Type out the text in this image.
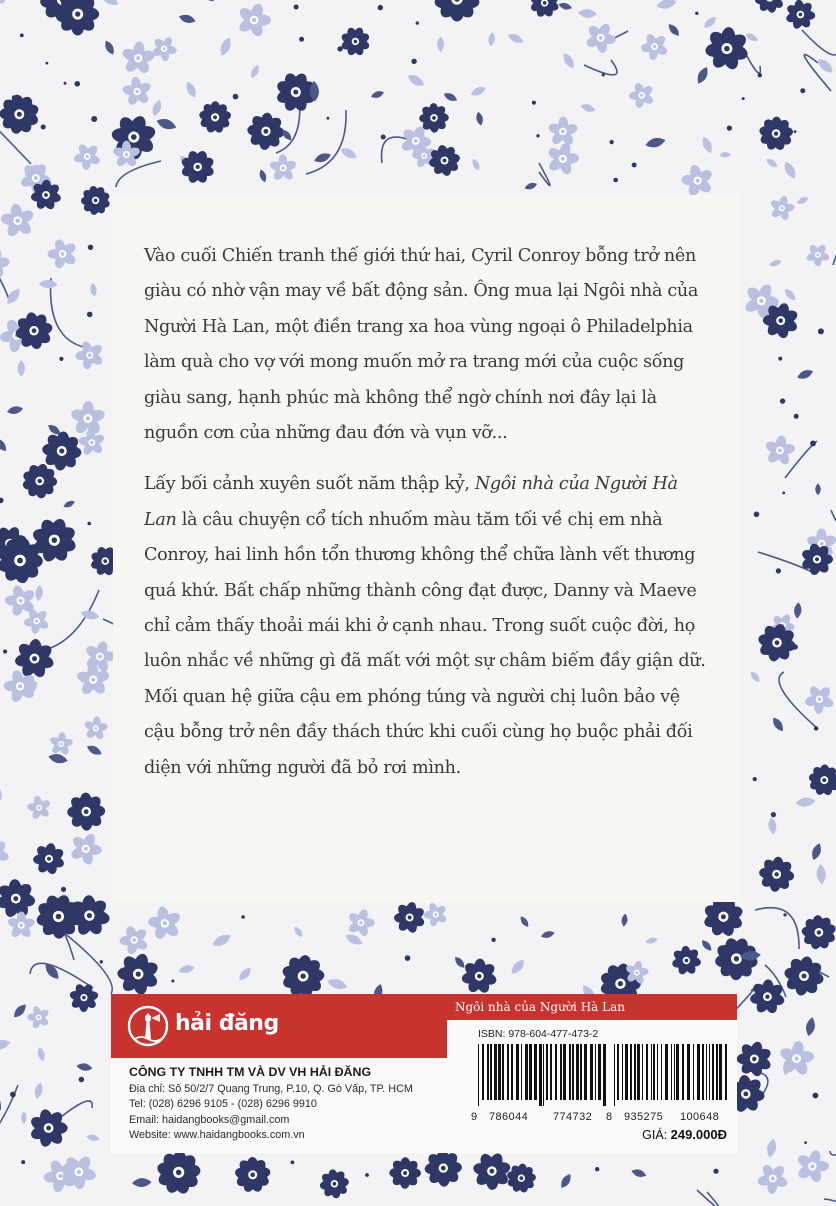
Vào cuối Chiến tranh thế giới thứ hai, Cyril Conroy bỗng trở nên giàu có nhờ vận may về bất động sản. Ông mua lại Ngôi nhà của Người Hà Lan, một điền trang xa hoa vùng ngoại ô Philadelphia làm quà cho vợ với mong muốn mở ra trang mới của cuộc sống giàu sang, hạnh phúc mà không thể ngờ chính nơi đây lại là nguồn cơn của những đau đớn và vụn vỡ...

Lấy bối cảnh xuyên suốt năm thập kỷ, Ngôi nhà của Người Hà Lan là câu chuyện cổ tích nhuốm màu tăm tối về chị em nhà Conroy, hai linh hồn tổn thương không thể chữa lành vết thương quá khứ. Bất chấp những thành công đạt được, Danny và Maeve chỉ cảm thấy thoải mái khi ở cạnh nhau. Trong suốt cuộc đời, họ luôn nhắc về những gì đã mất với một sự châm biếm đầy giận dữ. Mối quan hệ giữa cậu em phóng túng và người chị luôn bảo vệ cậu bỗng trở nên đầy thách thức khi cuối cùng họ buộc phải đối diện với những người đã bỏ rơi mình.

hải đăng
CÔNG TY TNHH TM VÀ DV VH HẢI ĐĂNG
Địa chỉ: Số 50/2/7 Quang Trung, P.10, Q. Gò Vấp, TP. HCM
Tel: (028) 6296 9105 - (028) 6296 9910
Email: haidangbooks@gmail.com
Website: www.haidangbooks.com.vn
Ngôi nhà của Người Hà Lan
ISBN: 978-604-477-473-2
9 786044 774732 8 935275 100648
GIÁ: 249.000Đ
